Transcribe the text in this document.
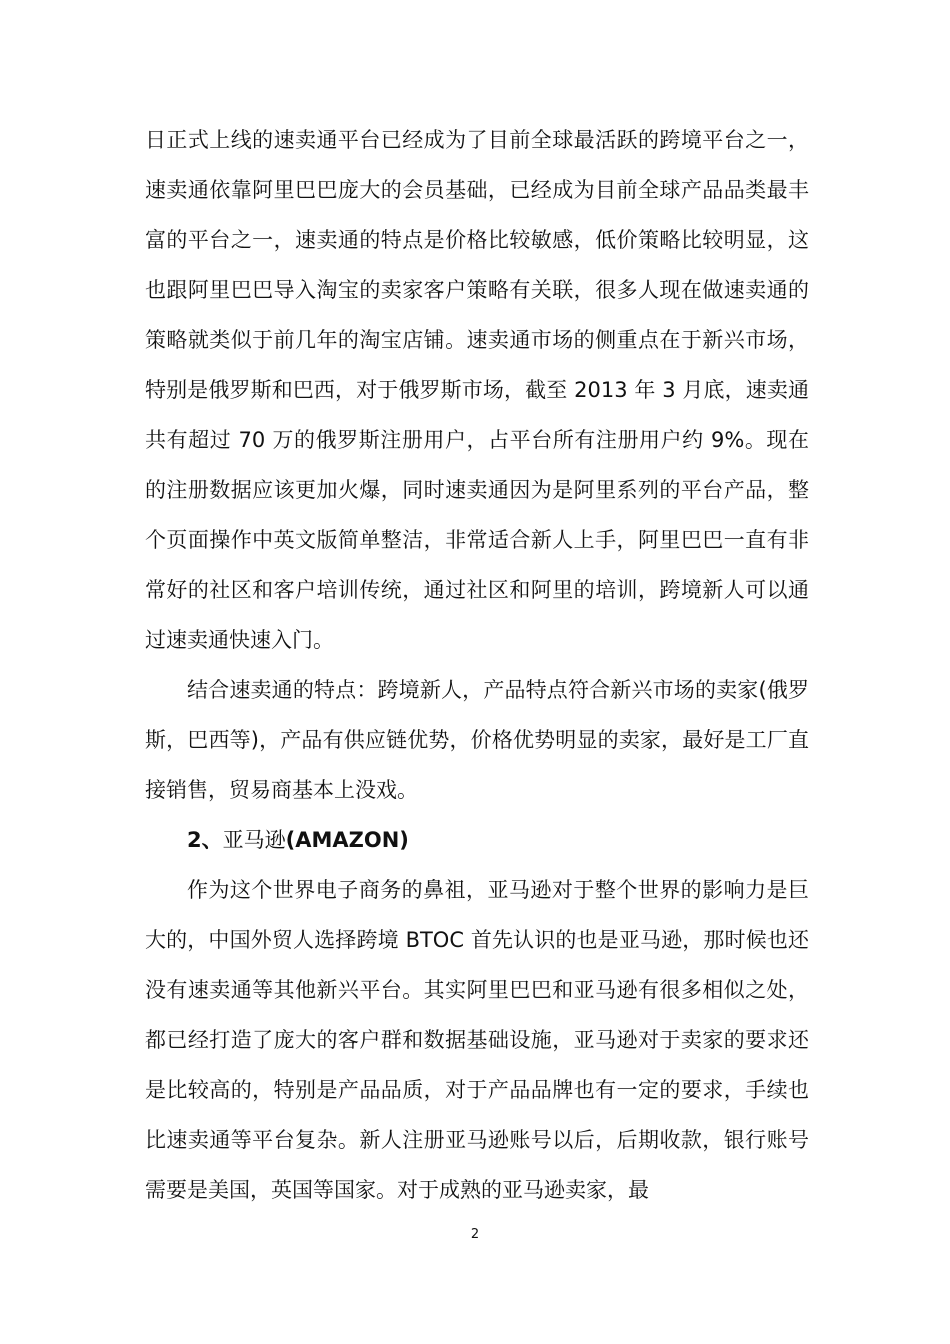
日正式上线的速卖通平台已经成为了目前全球最活跃的跨境平台之一，速卖通依靠阿里巴巴庞大的会员基础，已经成为目前全球产品品类最丰富的平台之一，速卖通的特点是价格比较敏感，低价策略比较明显，这也跟阿里巴巴导入淘宝的卖家客户策略有关联，很多人现在做速卖通的策略就类似于前几年的淘宝店铺。速卖通市场的侧重点在于新兴市场，特别是俄罗斯和巴西，对于俄罗斯市场，截至 2013 年 3 月底，速卖通共有超过 70 万的俄罗斯注册用户，占平台所有注册用户约 9%。现在的注册数据应该更加火爆，同时速卖通因为是阿里系列的平台产品，整个页面操作中英文版简单整洁，非常适合新人上手，阿里巴巴一直有非常好的社区和客户培训传统，通过社区和阿里的培训，跨境新人可以通过速卖通快速入门。

结合速卖通的特点：跨境新人，产品特点符合新兴市场的卖家(俄罗斯，巴西等)，产品有供应链优势，价格优势明显的卖家，最好是工厂直接销售，贸易商基本上没戏。

2、亚马逊(AMAZON)

作为这个世界电子商务的鼻祖，亚马逊对于整个世界的影响力是巨大的，中国外贸人选择跨境 BTOC 首先认识的也是亚马逊，那时候也还没有速卖通等其他新兴平台。其实阿里巴巴和亚马逊有很多相似之处，都已经打造了庞大的客户群和数据基础设施，亚马逊对于卖家的要求还是比较高的，特别是产品品质，对于产品品牌也有一定的要求，手续也比速卖通等平台复杂。新人注册亚马逊账号以后，后期收款，银行账号需要是美国，英国等国家。对于成熟的亚马逊卖家，最

2
